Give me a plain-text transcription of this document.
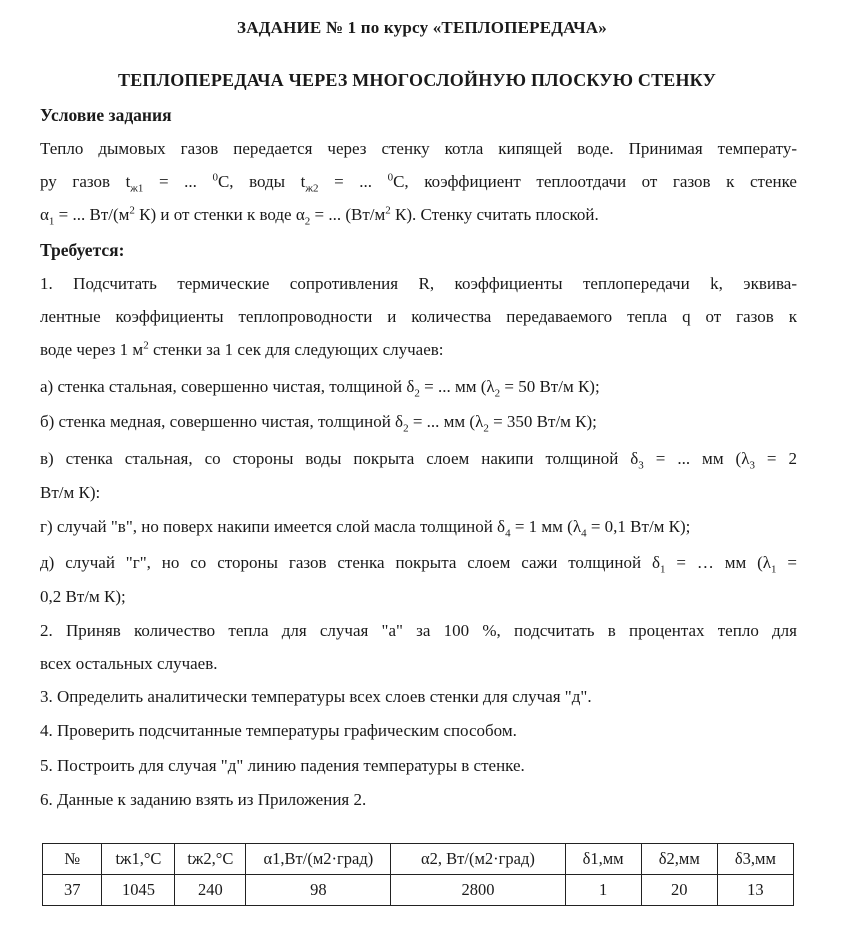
ЗАДАНИЕ № 1 по курсу «ТЕПЛОПЕРЕДАЧА»
ТЕПЛОПЕРЕДАЧА ЧЕРЕЗ МНОГОСЛОЙНУЮ ПЛОСКУЮ СТЕНКУ
Условие задания
Тепло дымовых газов передается через стенку котла кипящей воде. Принимая температу-
ру газов $t_{ж1}$ = ... $^0$С, воды $t_{ж2}$ = ... $^0$С, коэффициент теплоотдачи от газов к стенке
$\alpha_1$ = ... $Вт/(м^2$ К) и от стенки к воде $\alpha_2$ = ... ($Вт/м^2$ К). Стенку считать плоской.
Требуется:
1. Подсчитать термические сопротивления R, коэффициенты теплопередачи k, эквива-
лентные коэффициенты теплопроводности и количества передаваемого тепла q от газов к
воде через 1 $м^2$ стенки за 1 сек для следующих случаев:
а) стенка стальная, совершенно чистая, толщиной $\delta_2$ = ... мм ($\lambda_2 = 50$ Вт/м К);
б) стенка медная, совершенно чистая, толщиной $\delta_2$ = ... мм ($\lambda_2 = 350$ Вт/м К);
в) стенка стальная, со стороны воды покрыта слоем накипи толщиной $\delta_3$ = ... мм ($\lambda_3 = 2$
Вт/м К):
г) случай "в", но поверх накипи имеется слой масла толщиной $\delta_4 = 1$ мм ($\lambda_4 = 0,1$ Вт/м К);
д) случай "г", но со стороны газов стенка покрыта слоем сажи толщиной $\delta_1$ = … мм ($\lambda_1$ =
0,2 Вт/м К);
2. Приняв количество тепла для случая "а" за 100 %, подсчитать в процентах тепло для
всех остальных случаев.
3. Определить аналитически температуры всех слоев стенки для случая "д".
4. Проверить подсчитанные температуры графическим способом.
5. Построить для случая "д" линию падения температуры в стенке.
6. Данные к заданию взять из Приложения 2.
№	tж1,°С	tж2,°С	α1,Вт/(м2·град)	α2, Вт/(м2·град)	δ1,мм	δ2,мм	δ3,мм
37	1045	240	98	2800	1	20	13
